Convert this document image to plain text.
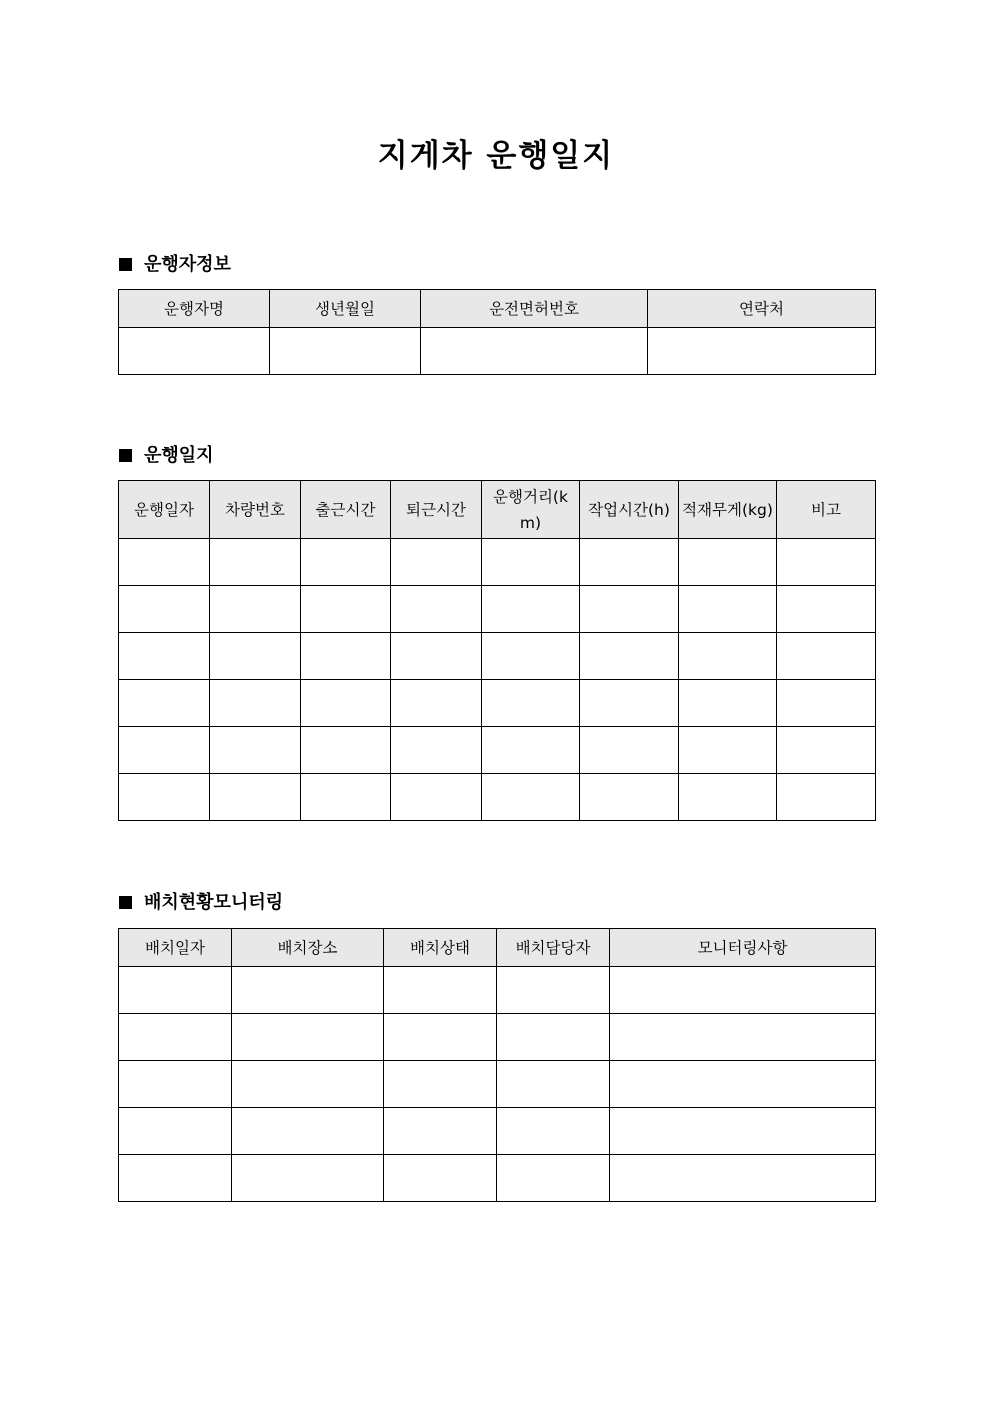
지게차 운행일지
운행자정보
운행자명	생년월일	운전면허번호	연락처

운행일지
운행일자	차량번호	출근시간	퇴근시간	운행거리(km)	작업시간(h)	적재무게(kg)	비고

배치현황모니터링
배치일자	배치장소	배치상태	배치담당자	모니터링사항
